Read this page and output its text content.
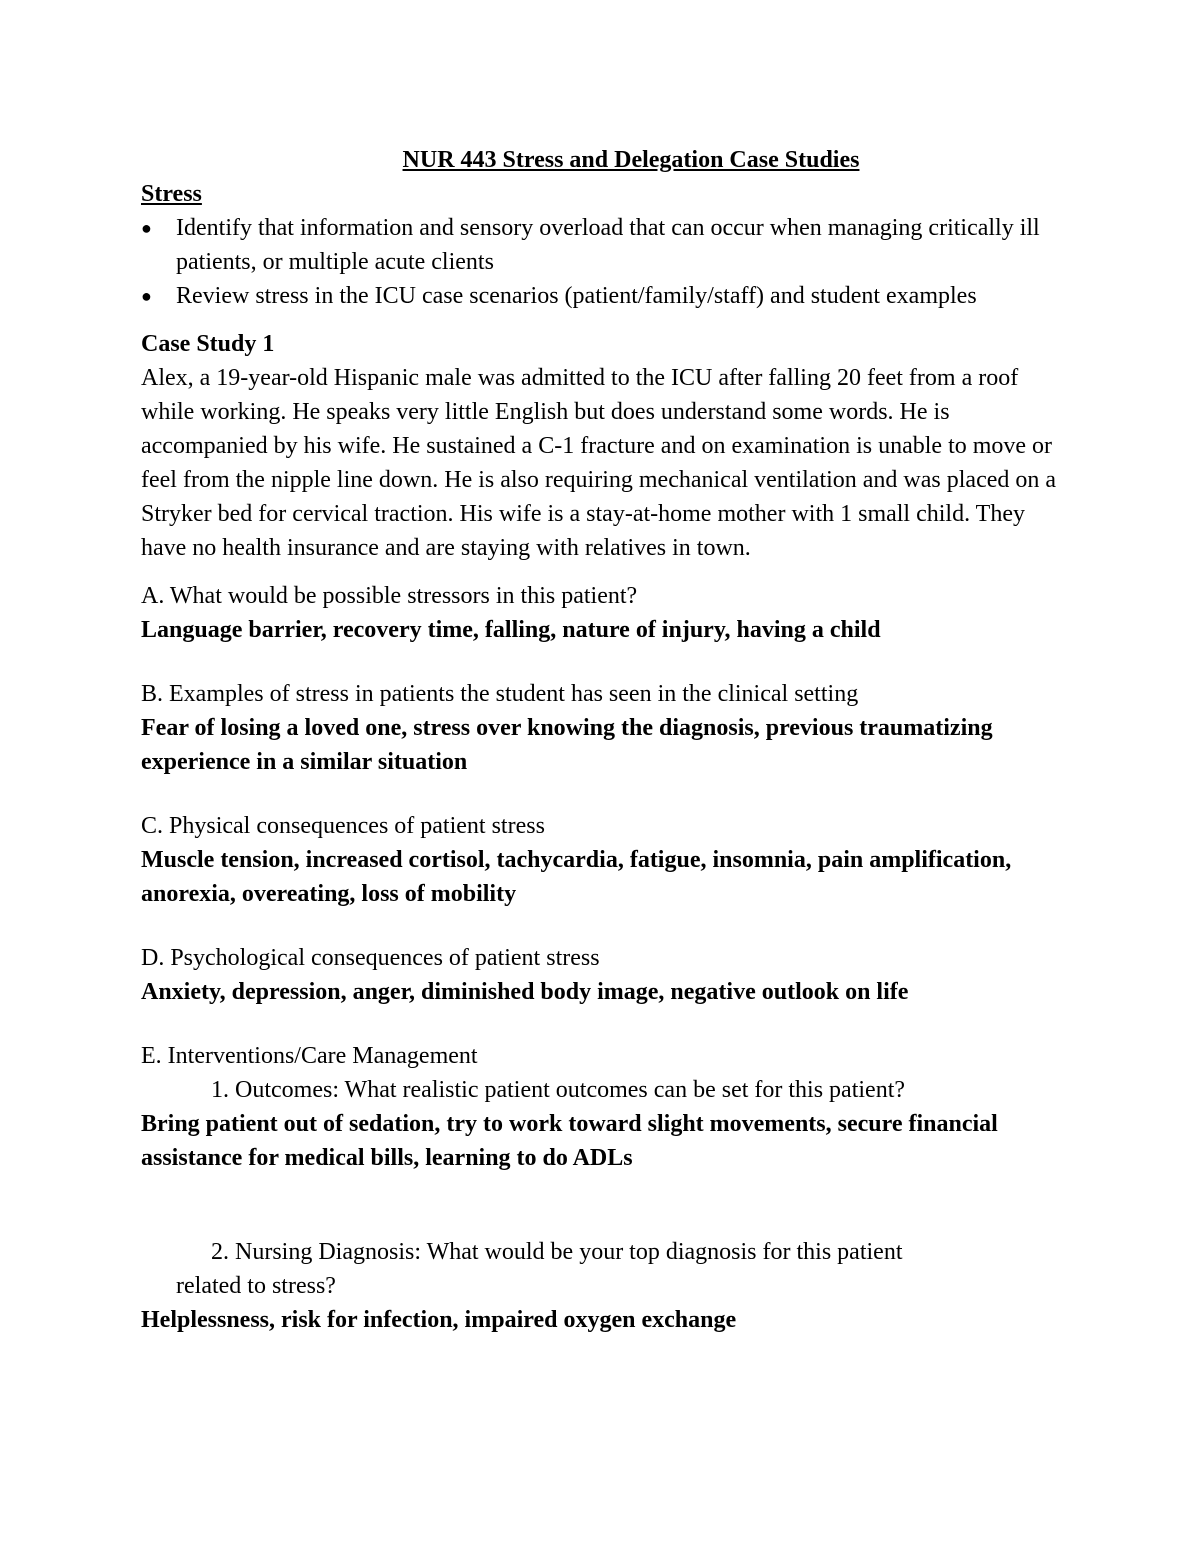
NUR 443 Stress and Delegation Case Studies

Stress

● Identify that information and sensory overload that can occur when managing critically ill patients, or multiple acute clients
● Review stress in the ICU case scenarios (patient/family/staff) and student examples

Case Study 1

Alex, a 19-year-old Hispanic male was admitted to the ICU after falling 20 feet from a roof while working. He speaks very little English but does understand some words. He is accompanied by his wife. He sustained a C-1 fracture and on examination is unable to move or feel from the nipple line down. He is also requiring mechanical ventilation and was placed on a Stryker bed for cervical traction. His wife is a stay-at-home mother with 1 small child. They have no health insurance and are staying with relatives in town.

A. What would be possible stressors in this patient?

Language barrier, recovery time, falling, nature of injury, having a child

B. Examples of stress in patients the student has seen in the clinical setting

Fear of losing a loved one, stress over knowing the diagnosis, previous traumatizing experience in a similar situation

C. Physical consequences of patient stress

Muscle tension, increased cortisol, tachycardia, fatigue, insomnia, pain amplification, anorexia, overeating, loss of mobility

D. Psychological consequences of patient stress

Anxiety, depression, anger, diminished body image, negative outlook on life

E. Interventions/Care Management

1. Outcomes: What realistic patient outcomes can be set for this patient?

Bring patient out of sedation, try to work toward slight movements, secure financial assistance for medical bills, learning to do ADLs

2. Nursing Diagnosis: What would be your top diagnosis for this patient

related to stress?

Helplessness, risk for infection, impaired oxygen exchange
